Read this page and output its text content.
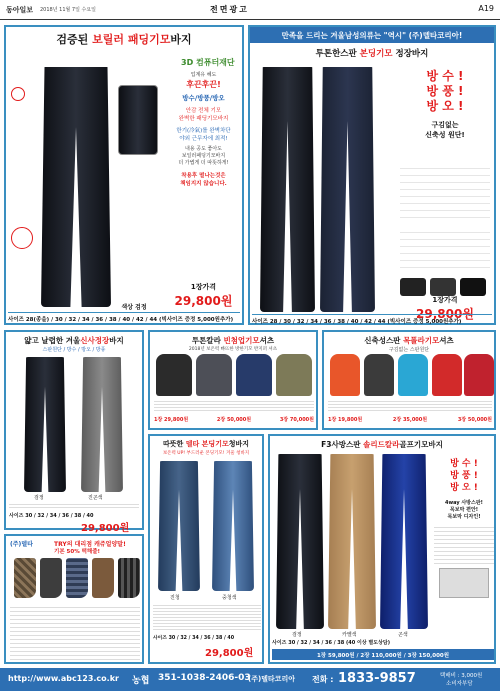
동아일보 2018년 11월 7일 수요일	전면광고	A19
검증된 보릴러 패딩기모바지
색상 검정
3D 컴퓨터재단
업계유 혜도
후끈후끈!
방수/방풍/방오
안감 전체 기모
완벽한 패딩기모바지
한기(冷氣)를 완벽차단
야외 근무자에 최적!
내용 공도 좋아도
보일러패딩기모바지
더 가볍게 더 따뜻하게!
착용후 떨나는것은
책임지지 않습니다.
1장가격
29,800원
사이즈 28(종을) / 30 / 32 / 34 / 36 / 38 / 40 / 42 / 44 (빅사이즈 증정 5,000원추가)
만족을 드리는 겨울남성의류는 "역시" (주)델타코리아!
투톤한스판 본딩기모 정장바지
검정	진곤색
방 수 !
방 풍 !
방 오 !
구김없는
신축성 원단!
1장가격
29,800원
사이즈 28 / 30 / 32 / 34 / 36 / 38 / 40 / 42 / 44 (빅사이즈 증정 5,000원추가)
얇고 날렵한 겨울신사정장바지
스판원단 / 방수 / 방오 / 방풍
검정	진곤색
사이즈 30 / 32 / 34 / 36 / 38 / 40
29,800원
투톤칼라 빈첨업기모셔츠
2018년 보온력 빠뜨한 방한기모 반지퍼 셔츠
1장 29,800원	2장 50,000원	3장 70,000원
신축성스판 목폴라기모셔츠
구김없는 스판원단
1장 19,800원	2장 35,000원	3장 50,000원
(주)델타	TRY의 대리점 캐쥬얼양말!
기본 50% 떡해줄!
따뜻한 델타 본딩기모청바지
보온력 UP! 부드러운 본딩기모! 겨울 청바지
진청	중청색
사이즈 30 / 32 / 34 / 36 / 38 / 40
29,800원
F3사방스판 솔리드칼라골프기모바지
검정	카멜색	곤색
방 수 !
방 풍 !
방 오 !
4way 사방스판!
목보막 편안!
목보막 디자인!
사이즈 30 / 32 / 34 / 36 / 38 (40 이상 별도상담)
1장 59,800원 / 2장 110,000원 / 3장 150,000원
http://www.abc123.co.kr 농협 351-1038-2406-03
(주)델타코리아 전화 : 1833-9857	택배비 : 3,000원
소비자부담
